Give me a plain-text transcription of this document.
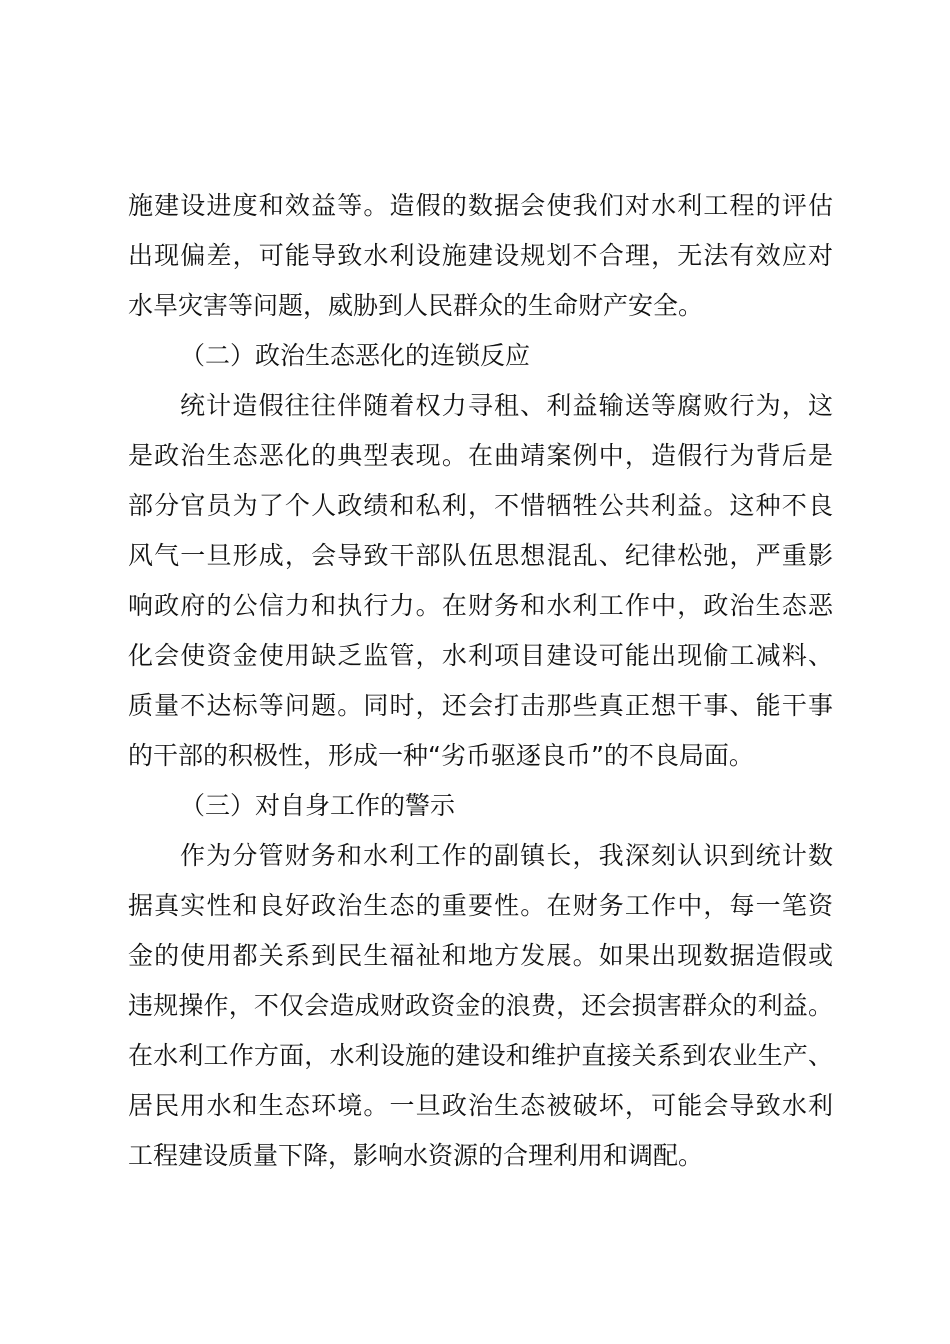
施建设进度和效益等。造假的数据会使我们对水利工程的评估
出现偏差，可能导致水利设施建设规划不合理，无法有效应对
水旱灾害等问题，威胁到人民群众的生命财产安全。
（二）政治生态恶化的连锁反应
统计造假往往伴随着权力寻租、利益输送等腐败行为，这
是政治生态恶化的典型表现。在曲靖案例中，造假行为背后是
部分官员为了个人政绩和私利，不惜牺牲公共利益。这种不良
风气一旦形成，会导致干部队伍思想混乱、纪律松弛，严重影
响政府的公信力和执行力。在财务和水利工作中，政治生态恶
化会使资金使用缺乏监管，水利项目建设可能出现偷工减料、
质量不达标等问题。同时，还会打击那些真正想干事、能干事
的干部的积极性，形成一种“劣币驱逐良币”的不良局面。
（三）对自身工作的警示
作为分管财务和水利工作的副镇长，我深刻认识到统计数
据真实性和良好政治生态的重要性。在财务工作中，每一笔资
金的使用都关系到民生福祉和地方发展。如果出现数据造假或
违规操作，不仅会造成财政资金的浪费，还会损害群众的利益。
在水利工作方面，水利设施的建设和维护直接关系到农业生产、
居民用水和生态环境。一旦政治生态被破坏，可能会导致水利
工程建设质量下降，影响水资源的合理利用和调配。
